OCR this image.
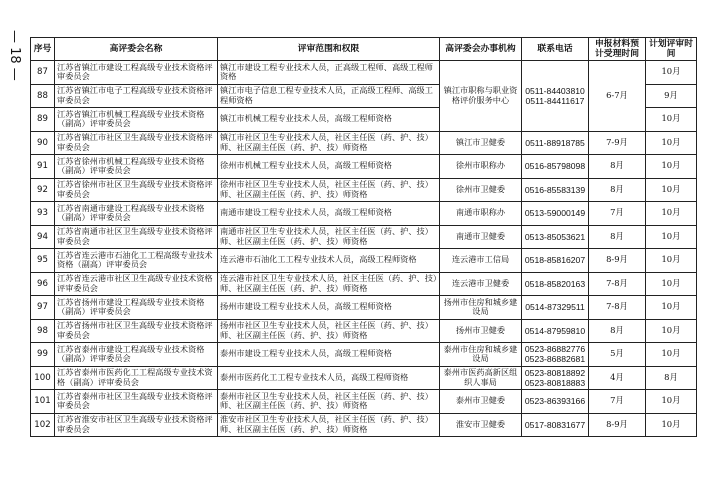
— 18 — 序号	高评委会名称	评审范围和权限	高评委会办事机构	联系电话	申报材料预计受理时间	计划评审时间
87	江苏省镇江市建设工程高级专业技术资格评审委员会	镇江市建设工程专业技术人员，正高级工程师、高级工程师资格	镇江市职称与职业资格评价服务中心	0511-84403810
0511-84411617	6-7月	10月
88	江苏省镇江市电子工程高级专业技术资格评审委员会	镇江市电子信息工程专业技术人员，正高级工程师、高级工程师资格				9月
89	江苏省镇江市机械工程高级专业技术资格（副高）评审委员会	镇江市机械工程专业技术人员，高级工程师资格				10月
90	江苏省镇江市社区卫生高级专业技术资格评审委员会	镇江市社区卫生专业技术人员，社区主任医（药、护、技）师、社区副主任医（药、护、技）师资格	镇江市卫健委	0511-88918785	7-9月	10月
91	江苏省徐州市机械工程高级专业技术资格（副高）评审委员会	徐州市机械工程专业技术人员，高级工程师资格	徐州市职称办	0516-85798098	8月	10月
92	江苏省徐州市社区卫生高级专业技术资格评审委员会	徐州市社区卫生专业技术人员，社区主任医（药、护、技）师、社区副主任医（药、护、技）师资格	徐州市卫健委	0516-85583139	8月	10月
93	江苏省南通市建设工程高级专业技术资格（副高）评审委员会	南通市建设工程专业技术人员，高级工程师资格	南通市职称办	0513-59000149	7月	10月
94	江苏省南通市社区卫生高级专业技术资格评审委员会	南通市社区卫生专业技术人员，社区主任医（药、护、技）师、社区副主任医（药、护、技）师资格	南通市卫健委	0513-85053621	8月	10月
95	江苏省连云港市石油化工工程高级专业技术资格（副高）评审委员会	连云港市石油化工工程专业技术人员，高级工程师资格	连云港市工信局	0518-85816207	8-9月	10月
96	江苏省连云港市社区卫生高级专业技术资格评审委员会	连云港市社区卫生专业技术人员，社区主任医（药、护、技）师、社区副主任医（药、护、技）师资格	连云港市卫健委	0518-85820163	7-8月	10月
97	江苏省扬州市建设工程高级专业技术资格（副高）评审委员会	扬州市建设工程专业技术人员，高级工程师资格	扬州市住房和城乡建设局	0514-87329511	7-8月	10月
98	江苏省扬州市社区卫生高级专业技术资格评审委员会	扬州市社区卫生专业技术人员，社区主任医（药、护、技）师、社区副主任医（药、护、技）师资格	扬州市卫健委	0514-87959810	8月	10月
99	江苏省泰州市建设工程高级专业技术资格（副高）评审委员会	泰州市建设工程专业技术人员，高级工程师资格	泰州市住房和城乡建设局	0523-86882776
0523-86882681	5月	10月
100	江苏省泰州市医药化工工程高级专业技术资格（副高）评审委员会	泰州市医药化工工程专业技术人员，高级工程师资格	泰州市医药高新区组织人事局	0523-80818892
0523-80818883	4月	8月
101	江苏省泰州市社区卫生高级专业技术资格评审委员会	泰州市社区卫生专业技术人员，社区主任医（药、护、技）师、社区副主任医（药、护、技）师资格	泰州市卫健委	0523-86393166	7月	10月
102	江苏省淮安市社区卫生高级专业技术资格评审委员会	淮安市社区卫生专业技术人员，社区主任医（药、护、技）师、社区副主任医（药、护、技）师资格	淮安市卫健委	0517-80831677	8-9月	10月
